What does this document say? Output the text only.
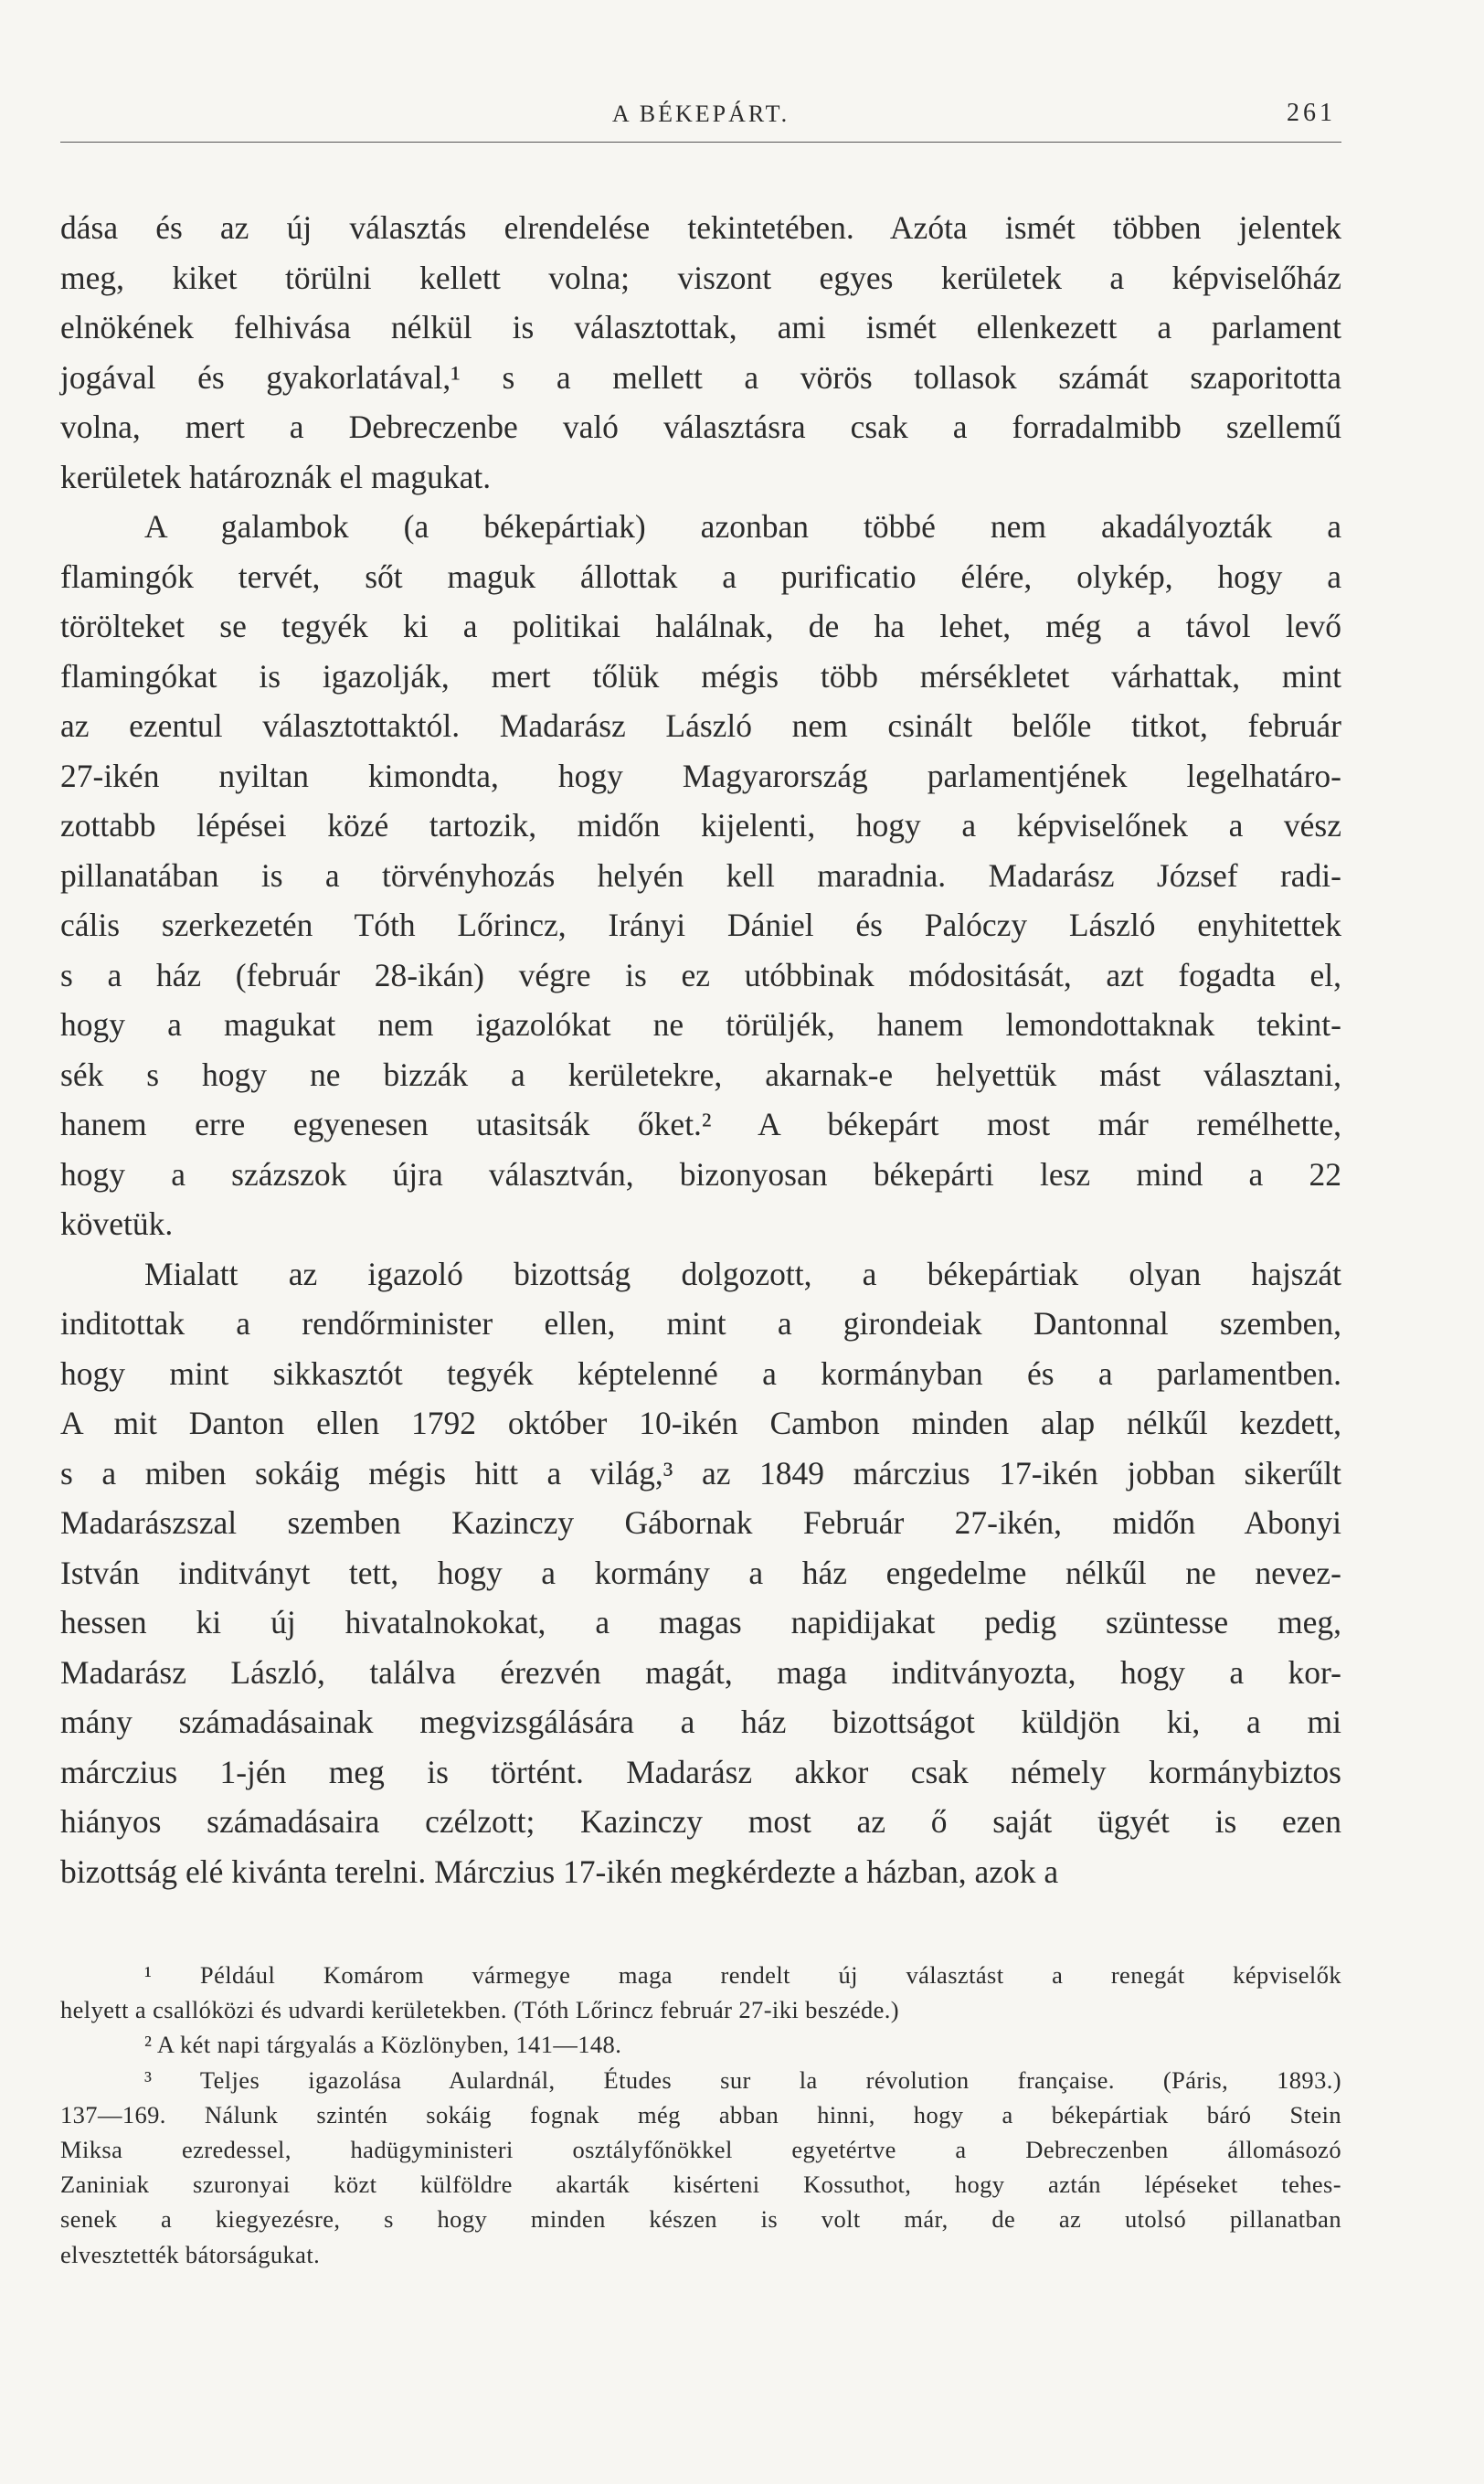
A BÉKEPÁRT.	261

dása és az új választás elrendelése tekintetében. Azóta ismét többen jelentek
meg, kiket törülni kellett volna; viszont egyes kerületek a képviselőház
elnökének felhivása nélkül is választottak, ami ismét ellenkezett a parlament
jogával és gyakorlatával,¹ s a mellett a vörös tollasok számát szaporitotta
volna, mert a Debreczenbe való választásra csak a forradalmibb szellemű
kerületek határoznák el magukat.

A galambok (a békepártiak) azonban többé nem akadályozták a
flamingók tervét, sőt maguk állottak a purificatio élére, olykép, hogy a
törölteket se tegyék ki a politikai halálnak, de ha lehet, még a távol levő
flamingókat is igazolják, mert tőlük mégis több mérsékletet várhattak, mint
az ezentul választottaktól. Madarász László nem csinált belőle titkot, február
27-ikén nyiltan kimondta, hogy Magyarország parlamentjének legelhatáro-
zottabb lépései közé tartozik, midőn kijelenti, hogy a képviselőnek a vész
pillanatában is a törvényhozás helyén kell maradnia. Madarász József radi-
cális szerkezetén Tóth Lőrincz, Irányi Dániel és Palóczy László enyhitettek
s a ház (február 28-ikán) végre is ez utóbbinak módositását, azt fogadta el,
hogy a magukat nem igazolókat ne törüljék, hanem lemondottaknak tekint-
sék s hogy ne bizzák a kerületekre, akarnak-e helyettük mást választani,
hanem erre egyenesen utasitsák őket.² A békepárt most már remélhette,
hogy a százszok újra választván, bizonyosan békepárti lesz mind a 22
követük.

Mialatt az igazoló bizottság dolgozott, a békepártiak olyan hajszát
inditottak a rendőrminister ellen, mint a girondeiak Dantonnal szemben,
hogy mint sikkasztót tegyék képtelenné a kormányban és a parlamentben.
A mit Danton ellen 1792 október 10-ikén Cambon minden alap nélkűl kezdett,
s a miben sokáig mégis hitt a világ,³ az 1849 márczius 17-ikén jobban sikerűlt
Madarászszal szemben Kazinczy Gábornak Február 27-ikén, midőn Abonyi
István inditványt tett, hogy a kormány a ház engedelme nélkűl ne nevez-
hessen ki új hivatalnokokat, a magas napidijakat pedig szüntesse meg,
Madarász László, találva érezvén magát, maga inditványozta, hogy a kor-
mány számadásainak megvizsgálására a ház bizottságot küldjön ki, a mi
márczius 1-jén meg is történt. Madarász akkor csak némely kormánybiztos
hiányos számadásaira czélzott; Kazinczy most az ő saját ügyét is ezen
bizottság elé kivánta terelni. Márczius 17-ikén megkérdezte a házban, azok a

¹ Például Komárom vármegye maga rendelt új választást a renegát képviselők
helyett a csallóközi és udvardi kerületekben. (Tóth Lőrincz február 27-iki beszéde.)
² A két napi tárgyalás a Közlönyben, 141—148.
³ Teljes igazolása Aulardnál, Études sur la révolution française. (Páris, 1893.)
137—169. Nálunk szintén sokáig fognak még abban hinni, hogy a békepártiak báró Stein
Miksa ezredessel, hadügyministeri osztályfőnökkel egyetértve a Debreczenben állomásozó
Zaniniak szuronyai közt külföldre akarták kisérteni Kossuthot, hogy aztán lépéseket tehes-
senek a kiegyezésre, s hogy minden készen is volt már, de az utolsó pillanatban
elvesztették bátorságukat.
